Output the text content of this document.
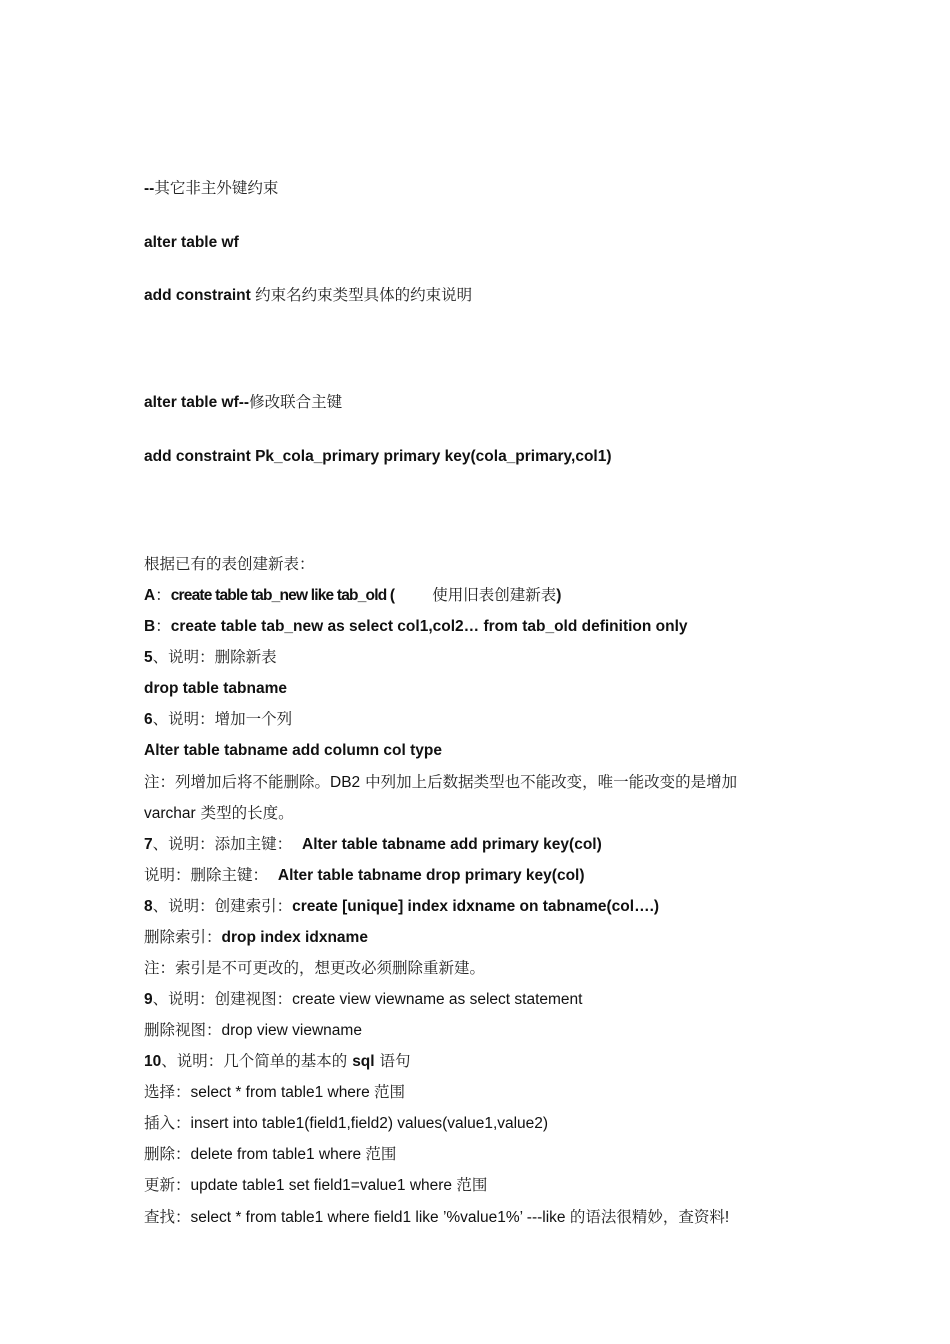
--其它非主外键约束
alter table wf
add constraint 约束名约束类型具体的约束说明
alter table wf--修改联合主键
add constraint Pk_cola_primary primary key(cola_primary,col1)
根据已有的表创建新表：
A：create table tab_new like tab_old ( 使用旧表创建新表)
B：create table tab_new as select col1,col2… from tab_old definition only
5、说明：删除新表
drop table tabname
6、说明：增加一个列
Alter table tabname add column col type
注：列增加后将不能删除。DB2 中列加上后数据类型也不能改变，唯一能改变的是增加
varchar 类型的长度。
7、说明：添加主键： Alter table tabname add primary key(col)
说明：删除主键： Alter table tabname drop primary key(col)
8、说明：创建索引：create [unique] index idxname on tabname(col….)
删除索引：drop index idxname
注：索引是不可更改的，想更改必须删除重新建。
9、说明：创建视图：create view viewname as select statement
删除视图：drop view viewname
10、说明：几个简单的基本的 sql 语句
选择：select * from table1 where 范围
插入：insert into table1(field1,field2) values(value1,value2)
删除：delete from table1 where 范围
更新：update table1 set field1=value1 where 范围
查找：select * from table1 where field1 like ’%value1%’ ---like 的语法很精妙，查资料!
